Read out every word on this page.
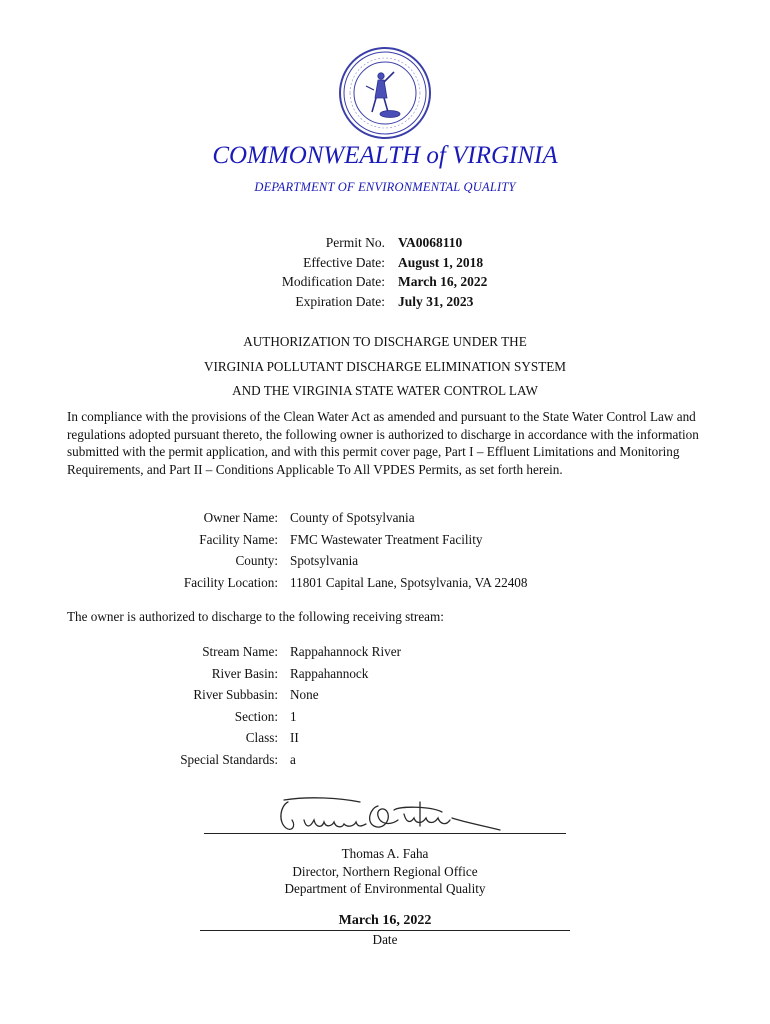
COMMONWEALTH of VIRGINIA
DEPARTMENT OF ENVIRONMENTAL QUALITY
Permit No. VA0068110
Effective Date: August 1, 2018
Modification Date: March 16, 2022
Expiration Date: July 31, 2023
AUTHORIZATION TO DISCHARGE UNDER THE
VIRGINIA POLLUTANT DISCHARGE ELIMINATION SYSTEM
AND THE VIRGINIA STATE WATER CONTROL LAW
In compliance with the provisions of the Clean Water Act as amended and pursuant to the State Water Control Law and regulations adopted pursuant thereto, the following owner is authorized to discharge in accordance with the information submitted with the permit application, and with this permit cover page, Part I – Effluent Limitations and Monitoring Requirements, and Part II – Conditions Applicable To All VPDES Permits, as set forth herein.
Owner Name: County of Spotsylvania
Facility Name: FMC Wastewater Treatment Facility
County: Spotsylvania
Facility Location: 11801 Capital Lane, Spotsylvania, VA 22408
The owner is authorized to discharge to the following receiving stream:
Stream Name: Rappahannock River
River Basin: Rappahannock
River Subbasin: None
Section: 1
Class: II
Special Standards: a
Thomas A. Faha
Director, Northern Regional Office
Department of Environmental Quality
March 16, 2022
Date
